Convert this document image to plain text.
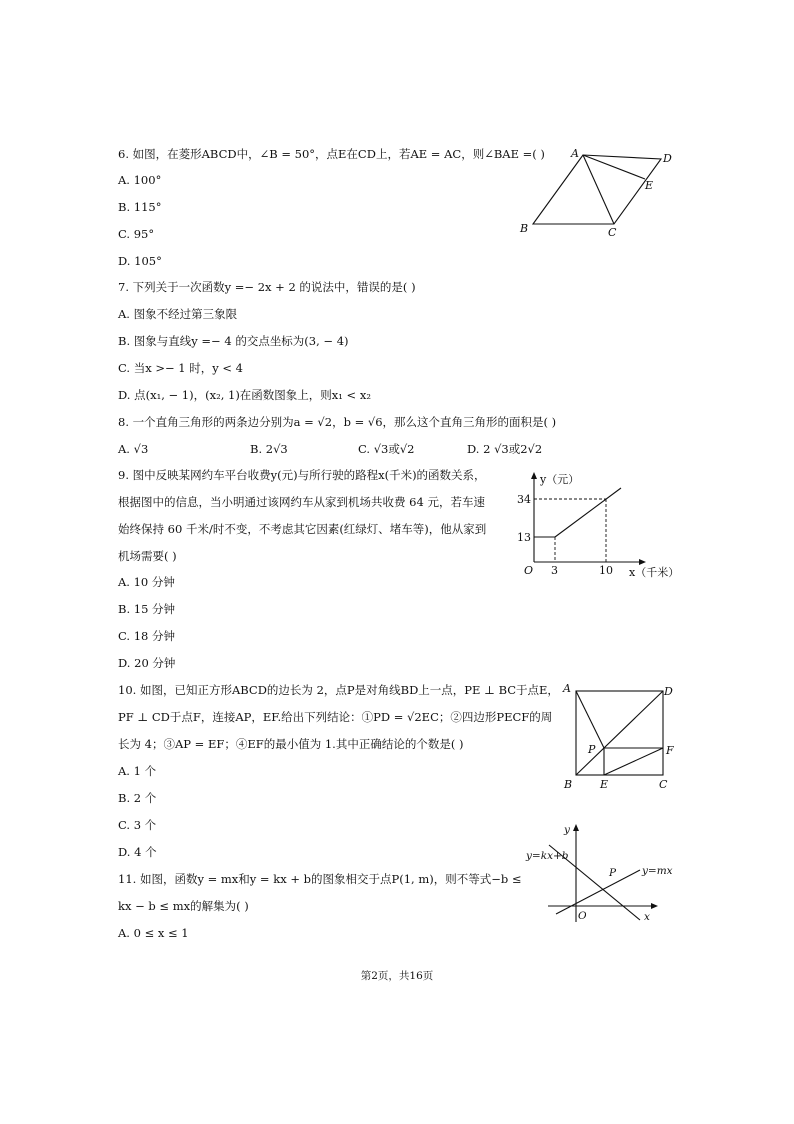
6. 如图，在菱形ABCD中，∠B = 50°，点E在CD上，若AE = AC，则∠BAE =( )
A. 100°
B. 115°
C. 95°
D. 105°
A	D
E
B	C
7. 下列关于一次函数y =− 2x + 2 的说法中，错误的是( )
A. 图象不经过第三象限
B. 图象与直线y =− 4 的交点坐标为(3, − 4)
C. 当x >− 1 时，y < 4
D. 点(x₁, − 1)，(x₂, 1)在函数图象上，则x₁ < x₂
8. 一个直角三角形的两条边分别为a = √2，b = √6，那么这个直角三角形的面积是( )
A. √3	B. 2√3	C. √3或√2	D. 2 √3或2√2
9. 图中反映某网约车平台收费y(元)与所行驶的路程x(千米)的函数关系，
根据图中的信息，当小明通过该网约车从家到机场共收费 64 元，若车速
始终保持 60 千米/时不变，不考虑其它因素(红绿灯、堵车等)，他从家到
机场需要( )
A. 10 分钟
B. 15 分钟
C. 18 分钟
D. 20 分钟
y（元）
34
13
O 3	10 x（千米）
10. 如图，已知正方形ABCD的边长为 2，点P是对角线BD上一点，PE ⊥ BC于点E，
PF ⊥ CD于点F，连接AP，EF.给出下列结论：①PD = √2EC；②四边形PECF的周
长为 4；③AP = EF；④EF的最小值为 1.其中正确结论的个数是( )
A. 1 个
B. 2 个
C. 3 个
D. 4 个
A	D
P	F
B	E	C
11. 如图，函数y = mx和y = kx + b的图象相交于点P(1, m)，则不等式−b ≤
kx − b ≤ mx的解集为( )
A. 0 ≤ x ≤ 1
y
y=kx+b
y=mx
P
O	x
第2页，共16页
